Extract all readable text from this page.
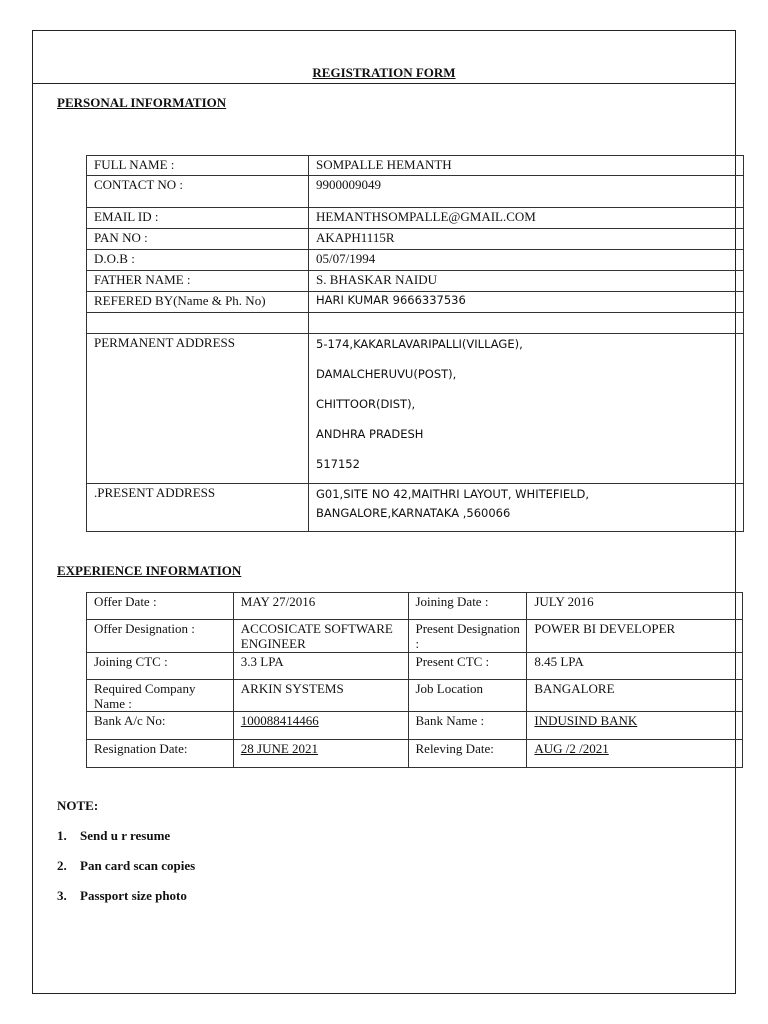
REGISTRATION FORM
PERSONAL INFORMATION
FULL NAME :	SOMPALLE HEMANTH
CONTACT NO :	9900009049
EMAIL ID :	HEMANTHSOMPALLE@GMAIL.COM
PAN NO :	AKAPH1115R
D.O.B :	05/07/1994
FATHER NAME :	S. BHASKAR NAIDU
REFERED BY(Name & Ph. No)	HARI KUMAR 9666337536

PERMANENT ADDRESS	5-174,KAKARLAVARIPALLI(VILLAGE),

DAMALCHERUVU(POST),

CHITTOOR(DIST),

ANDHRA PRADESH

517152

.PRESENT ADDRESS	G01,SITE NO 42,MAITHRI LAYOUT, WHITEFIELD,

BANGALORE,KARNATAKA ,560066

EXPERIENCE INFORMATION
Offer Date :	MAY 27/2016	Joining Date :	JULY 2016
Offer Designation :	ACCOSICATE SOFTWARE ENGINEER	Present Designation :	POWER BI DEVELOPER
Joining CTC :	3.3 LPA	Present CTC :	8.45 LPA
Required Company Name :	ARKIN SYSTEMS	Job Location	BANGALORE
Bank A/c No:	100088414466	Bank Name :	INDUSIND BANK
Resignation Date:	28 JUNE 2021	Releving Date:	AUG /2 /2021
NOTE:
1. Send u r resume
2. Pan card scan copies
3. Passport size photo
